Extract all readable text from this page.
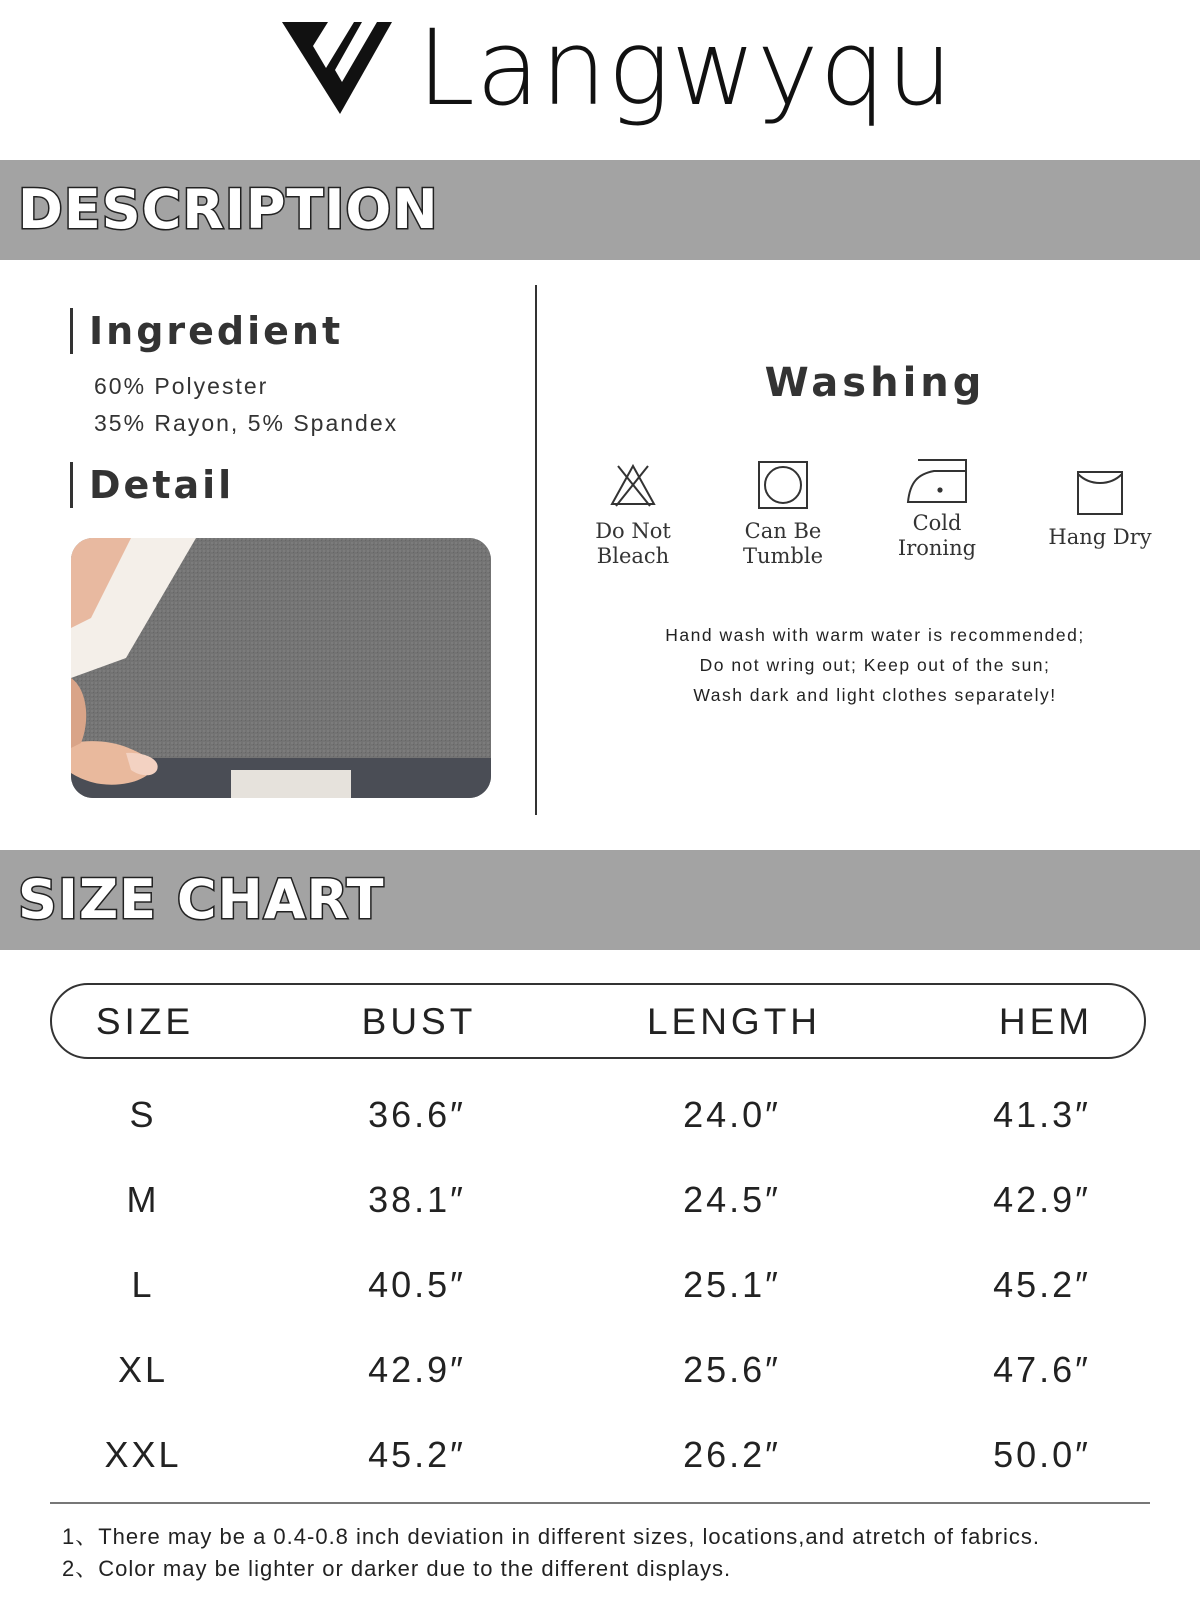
Langwyqu
DESCRIPTION
Ingredient
60% Polyester
35% Rayon, 5% Spandex
Detail
Washing
Do Not
Bleach
Can Be
Tumble
Cold
Ironing	Hang Dry
Hand wash with warm water is recommended;
Do not wring out; Keep out of the sun;
Wash dark and light clothes separately!
SIZE CHART
SIZE	BUST	LENGTH	HEM
S	36.6″	24.0″	41.3″
M	38.1″	24.5″	42.9″
L	40.5″	25.1″	45.2″
XL	42.9″	25.6″	47.6″
XXL	45.2″	26.2″	50.0″
1、There may be a 0.4-0.8 inch deviation in different sizes, locations,and atretch of fabrics.
2、Color may be lighter or darker due to the different displays.
